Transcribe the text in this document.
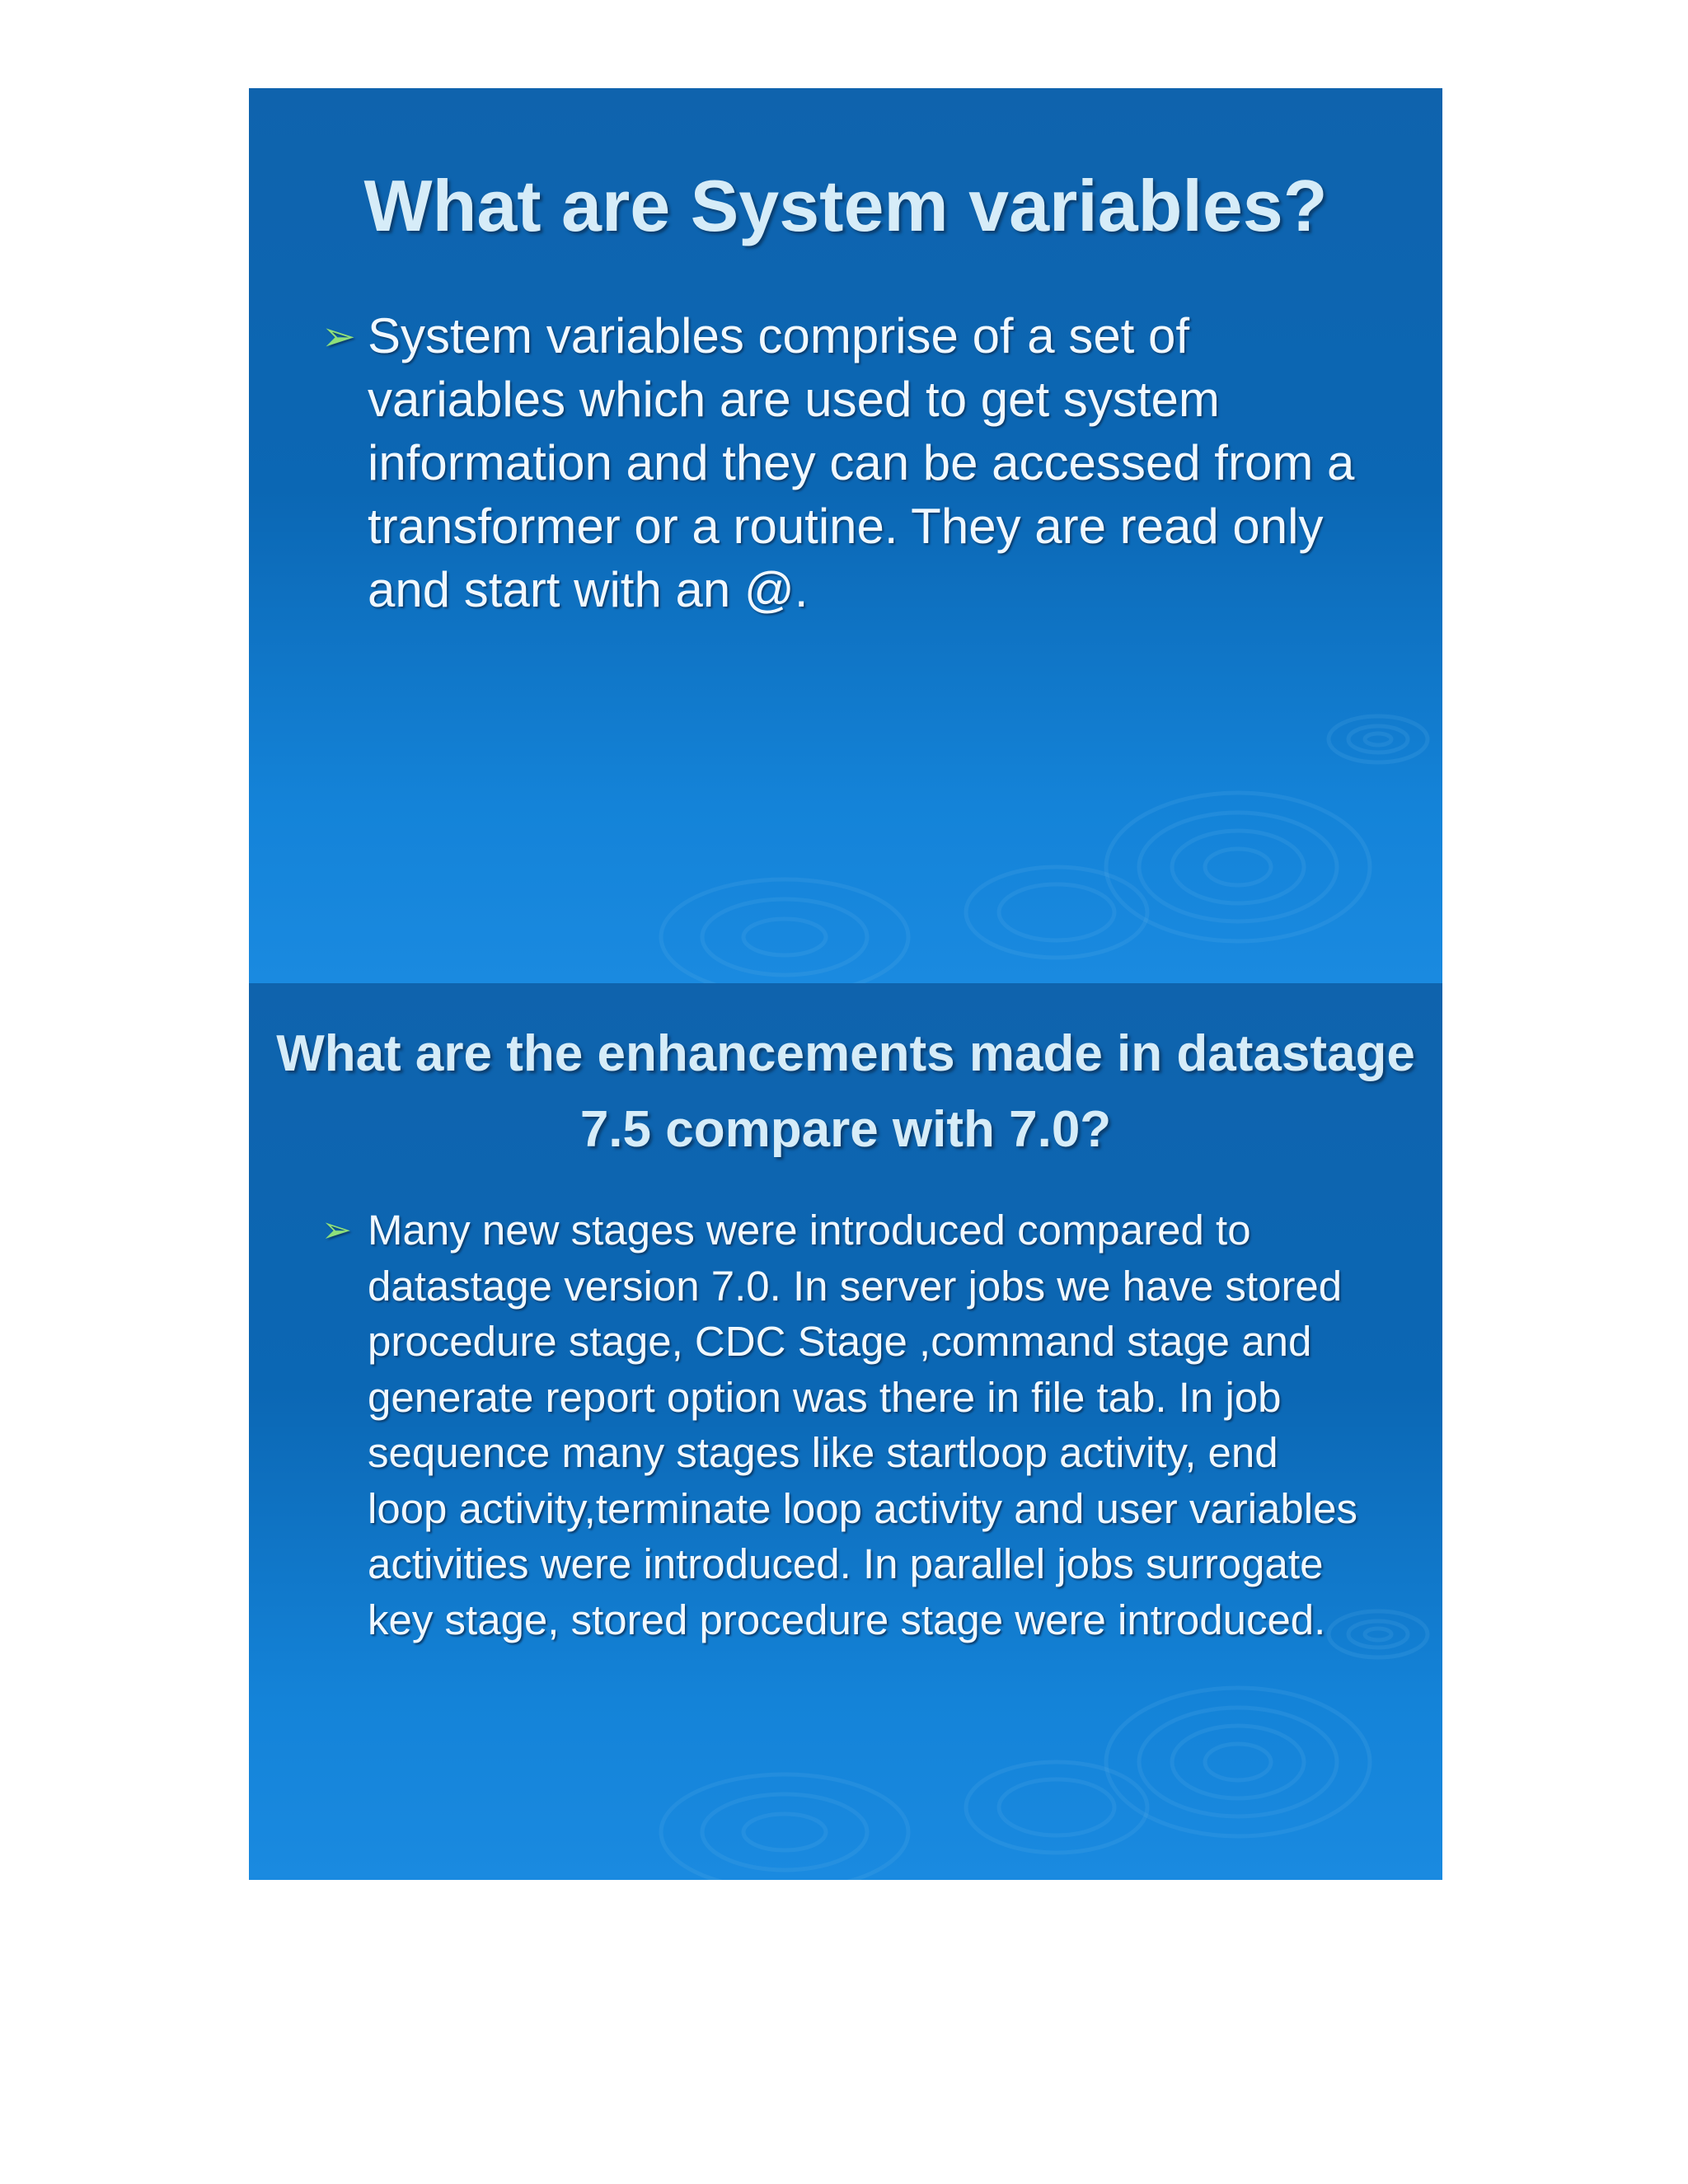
What are System variables?
➢ System variables comprise of a set of variables which are used to get system information and they can be accessed from a transformer or a routine. They are read only and start with an @.

What are the enhancements made in datastage 7.5 compare with 7.0?
➢ Many new stages were introduced compared to datastage version 7.0. In server jobs we have stored procedure stage, CDC Stage ,command stage and generate report option was there in file tab. In job sequence many stages like startloop activity, end loop activity,terminate loop activity and user variables activities were introduced. In parallel jobs surrogate key stage, stored procedure stage were introduced.
